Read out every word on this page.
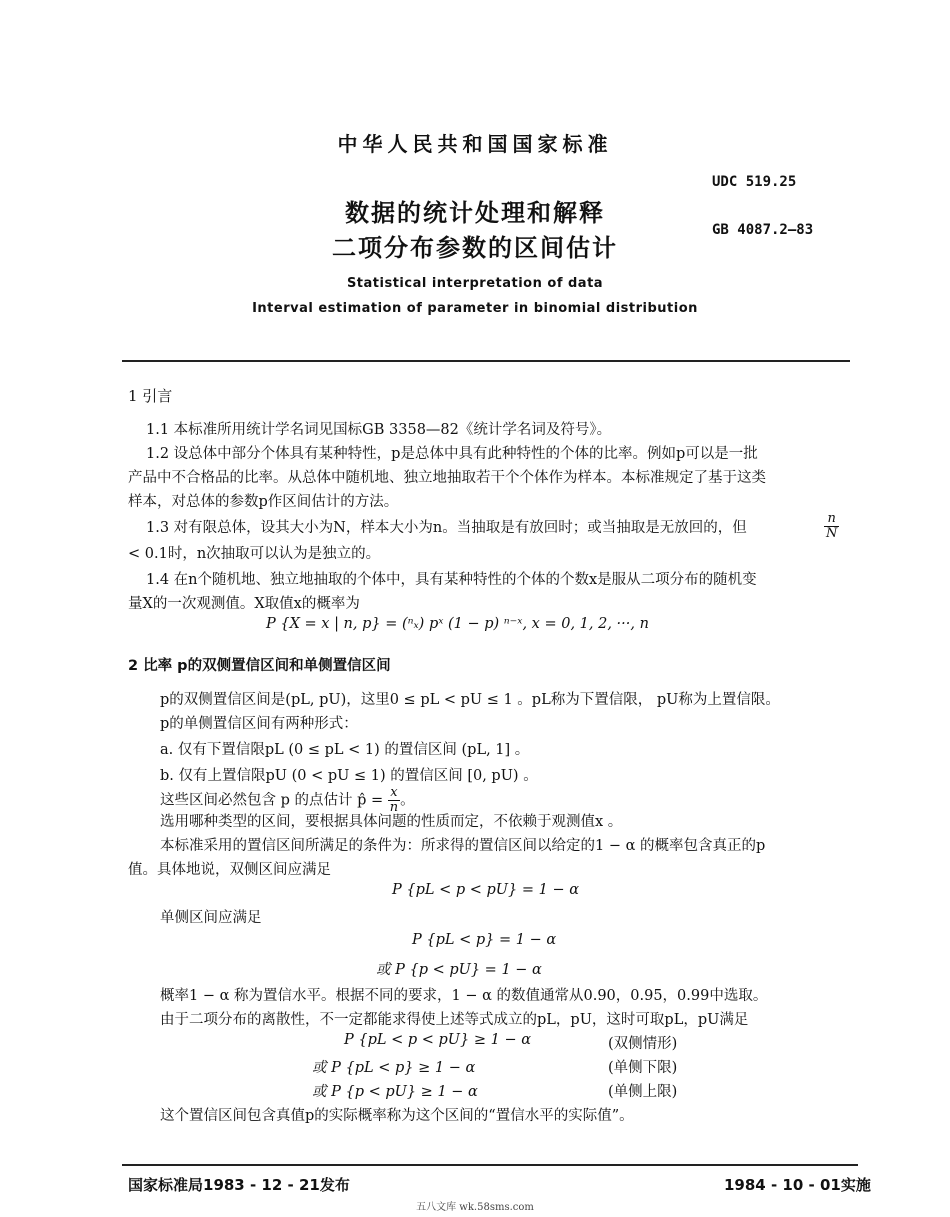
中华人民共和国国家标准
UDC 519.25
GB 4087.2—83
数据的统计处理和解释
二项分布参数的区间估计
Statistical interpretation of data
Interval estimation of parameter in binomial distribution
1 引言
1.1 本标准所用统计学名词见国标GB 3358—82《统计学名词及符号》。
1.2 设总体中部分个体具有某种特性，p是总体中具有此种特性的个体的比率。例如p可以是一批
产品中不合格品的比率。从总体中随机地、独立地抽取若干个个体作为样本。本标准规定了基于这类
样本，对总体的参数p作区间估计的方法。
1.3 对有限总体，设其大小为N，样本大小为n。当抽取是有放回时；或当抽取是无放回的，但	$\frac{n}{N}$
< 0.1时，n次抽取可以认为是独立的。
1.4 在n个随机地、独立地抽取的个体中，具有某种特性的个体的个数x是服从二项分布的随机变
量X的一次观测值。X取值x的概率为
P {X = x | n, p} = (ⁿₓ) pˣ (1 − p) ⁿ⁻ˣ, x = 0, 1, 2, ···, n
2 比率 p的双侧置信区间和单侧置信区间
p的双侧置信区间是(pL, pU)，这里0 ≤ pL < pU ≤ 1 。pL称为下置信限， pU称为上置信限。
p的单侧置信区间有两种形式：
a. 仅有下置信限pL (0 ≤ pL < 1) 的置信区间 (pL, 1] 。
b. 仅有上置信限pU (0 < pU ≤ 1) 的置信区间 [0, pU) 。
这些区间必然包含 p 的点估计 p̂ = $\frac{x}{n}$ 。
选用哪种类型的区间，要根据具体问题的性质而定，不依赖于观测值x 。
本标准采用的置信区间所满足的条件为：所求得的置信区间以给定的1 − α 的概率包含真正的p
值。具体地说，双侧区间应满足
P {pL < p < pU} = 1 − α
单侧区间应满足
P {pL < p} = 1 − α
或 P {p < pU} = 1 − α
概率1 − α 称为置信水平。根据不同的要求，1 − α 的数值通常从0.90，0.95，0.99中选取。
由于二项分布的离散性，不一定都能求得使上述等式成立的pL，pU，这时可取pL，pU满足
P {pL < p < pU} ≥ 1 − α	(双侧情形)
或 P {pL < p} ≥ 1 − α	(单侧下限)
或 P {p < pU} ≥ 1 − α	(单侧上限)
这个置信区间包含真值p的实际概率称为这个区间的“置信水平的实际值”。
国家标准局1983 - 12 - 21发布	1984 - 10 - 01实施
五八文库 wk.58sms.com
